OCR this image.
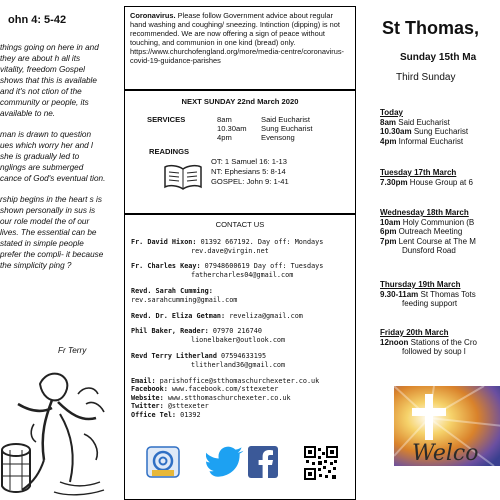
ohn 4: 5-42

things going on here in and they are about h all its vitality, freedom Gospel shows that this is available and it's not ction of the community or people, its available to ne.

man is drawn to question ues which worry her and l she is gradually led to nglings are submerged cance of God's eventual tion.

rship begins in the heart s is shown personally in sus is our role model the of our lives. The essential can be stated in simple people prefer the compli- it because the simplicity ping ?

Fr Terry
Coronavirus. Please follow Government advice about regular hand washing and coughing/ sneezing. Intinction (dipping) is not recommended. We are now offering a sign of peace without touching, and communion in one kind (bread) only. https://www.churchofengland.org/more/media-centre/coronavirus-covid-19-guidance-parishes
NEXT SUNDAY 22nd March 2020
SERVICES	8am	Said Eucharist
10.30am Sung Eucharist
4pm	Evensong
READINGS
OT: 1 Samuel 16: 1-13
NT: Ephesians 5: 8-14
GOSPEL: John 9: 1-41
CONTACT US
Fr. David Hixon: 01392 667192. Day off: Mondays
rev.dave@virgin.net
Fr. Charles Keay: 07948600619 Day off: Tuesdays
fathercharles04@gmail.com
Revd. Sarah Cumming:
rev.sarahcumming@gmail.com
Revd. Dr. Eliza Getman: revelizа@gmail.com
Phil Baker, Reader: 07970 216740
lionelbaker@outlook.com
Revd Terry Litherland 07594633195
tlitherland36@gmail.com
Email: parishoffice@stthomaschurchexeter.co.uk
Facebook: www.facebook.com/sttexeter
Website: www.stthomaschurchexeter.co.uk
Twitter: @sttexeter
Office Tel: 01392
St Thomas,
Sunday 15th Ma
Third Sunday
Today
8am Said Eucharist
10.30am Sung Eucharist
4pm Informal Eucharist
Tuesday 17th March
7.30pm House Group at 6
Wednesday 18th March
10am Holy Communion (B
6pm Outreach Meeting
7pm Lent Course at The M
Dunsford Road
Thursday 19th March
9.30-11am St Thomas Tots
feeding support
Friday 20th March
12noon Stations of the Cro
followed by soup l
Welco
